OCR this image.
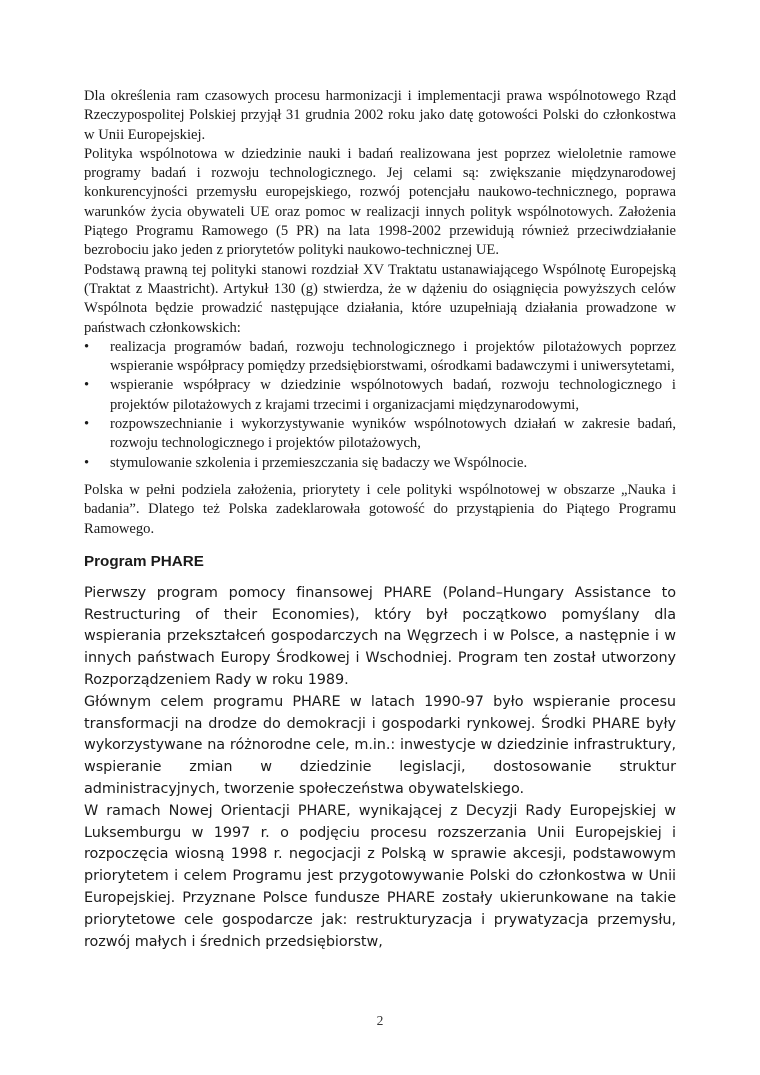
Dla określenia ram czasowych procesu harmonizacji i implementacji prawa wspólnotowego Rząd Rzeczypospolitej Polskiej przyjął 31 grudnia 2002 roku jako datę gotowości Polski do członkostwa w Unii Europejskiej.

Polityka wspólnotowa w dziedzinie nauki i badań realizowana jest poprzez wieloletnie ramowe programy badań i rozwoju technologicznego. Jej celami są: zwiększanie międzynarodowej konkurencyjności przemysłu europejskiego, rozwój potencjału naukowo-technicznego, poprawa warunków życia obywateli UE oraz pomoc w realizacji innych polityk wspólnotowych. Założenia Piątego Programu Ramowego (5 PR) na lata 1998-2002 przewidują również przeciwdziałanie bezrobociu jako jeden z priorytetów polityki naukowo-technicznej UE.

Podstawą prawną tej polityki stanowi rozdział XV Traktatu ustanawiającego Wspólnotę Europejską (Traktat z Maastricht). Artykuł 130 (g) stwierdza, że w dążeniu do osiągnięcia powyższych celów Wspólnota będzie prowadzić następujące działania, które uzupełniają działania prowadzone w państwach członkowskich:

• realizacja programów badań, rozwoju technologicznego i projektów pilotażowych poprzez wspieranie współpracy pomiędzy przedsiębiorstwami, ośrodkami badawczymi i uniwersytetami,
• wspieranie współpracy w dziedzinie wspólnotowych badań, rozwoju technologicznego i projektów pilotażowych z krajami trzecimi i organizacjami międzynarodowymi,
• rozpowszechnianie i wykorzystywanie wyników wspólnotowych działań w zakresie badań, rozwoju technologicznego i projektów pilotażowych,
• stymulowanie szkolenia i przemieszczania się badaczy we Wspólnocie.

Polska w pełni podziela założenia, priorytety i cele polityki wspólnotowej w obszarze „Nauka i badania”. Dlatego też Polska zadeklarowała gotowość do przystąpienia do Piątego Programu Ramowego.

Program PHARE

Pierwszy program pomocy finansowej PHARE (Poland–Hungary Assistance to Restructuring of their Economies), który był początkowo pomyślany dla wspierania przekształceń gospodarczych na Węgrzech i w Polsce, a następnie i w innych państwach Europy Środkowej i Wschodniej. Program ten został utworzony Rozporządzeniem Rady w roku 1989.

Głównym celem programu PHARE w latach 1990-97 było wspieranie procesu transformacji na drodze do demokracji i gospodarki rynkowej. Środki PHARE były wykorzystywane na różnorodne cele, m.in.: inwestycje w dziedzinie infrastruktury, wspieranie zmian w dziedzinie legislacji, dostosowanie struktur administracyjnych, tworzenie społeczeństwa obywatelskiego.

W ramach Nowej Orientacji PHARE, wynikającej z Decyzji Rady Europejskiej w Luksemburgu w 1997 r. o podjęciu procesu rozszerzania Unii Europejskiej i rozpoczęcia wiosną 1998 r. negocjacji z Polską w sprawie akcesji, podstawowym priorytetem i celem Programu jest przygotowywanie Polski do członkostwa w Unii Europejskiej. Przyznane Polsce fundusze PHARE zostały ukierunkowane na takie priorytetowe cele gospodarcze jak: restrukturyzacja i prywatyzacja przemysłu, rozwój małych i średnich przedsiębiorstw,

2
